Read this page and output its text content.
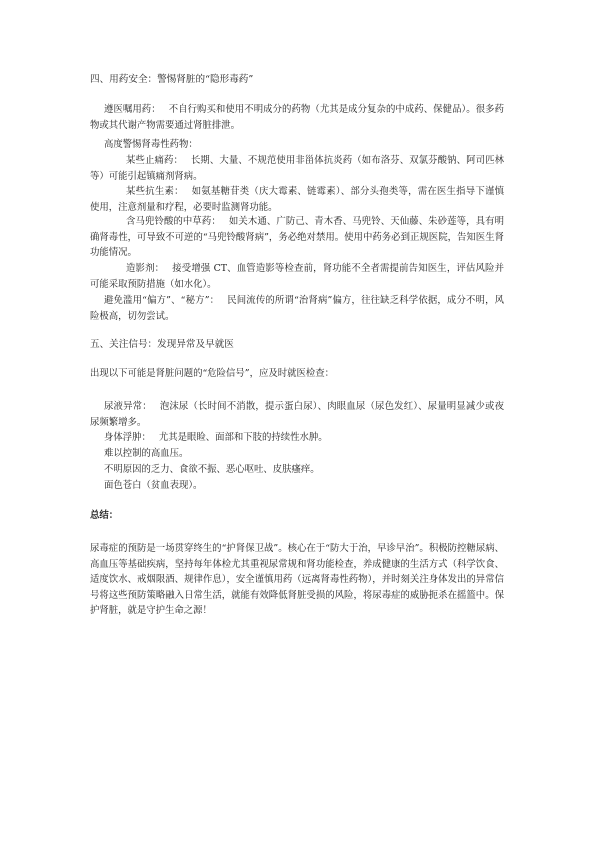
四、用药安全：警惕肾脏的“隐形毒药”

遵医嘱用药： 不自行购买和使用不明成分的药物（尤其是成分复杂的中成药、保健品）。很多药物或其代谢产物需要通过肾脏排泄。

高度警惕肾毒性药物：

某些止痛药： 长期、大量、不规范使用非甾体抗炎药（如布洛芬、双氯芬酸钠、阿司匹林等）可能引起镇痛剂肾病。

某些抗生素： 如氨基糖苷类（庆大霉素、链霉素）、部分头孢类等，需在医生指导下谨慎使用，注意剂量和疗程，必要时监测肾功能。

含马兜铃酸的中草药： 如关木通、广防己、青木香、马兜铃、天仙藤、朱砂莲等，具有明确肾毒性，可导致不可逆的“马兜铃酸肾病”，务必绝对禁用。使用中药务必到正规医院，告知医生肾功能情况。

造影剂： 接受增强 CT、血管造影等检查前，肾功能不全者需提前告知医生，评估风险并可能采取预防措施（如水化）。

避免滥用“偏方”、“秘方”： 民间流传的所谓“治肾病”偏方，往往缺乏科学依据，成分不明，风险极高，切勿尝试。

五、关注信号：发现异常及早就医

出现以下可能是肾脏问题的“危险信号”，应及时就医检查：

尿液异常： 泡沫尿（长时间不消散，提示蛋白尿）、肉眼血尿（尿色发红）、尿量明显减少或夜尿频繁增多。

身体浮肿： 尤其是眼睑、面部和下肢的持续性水肿。

难以控制的高血压。

不明原因的乏力、食欲不振、恶心呕吐、皮肤瘙痒。

面色苍白（贫血表现）。

总结：

尿毒症的预防是一场贯穿终生的“护肾保卫战”。核心在于“防大于治，早诊早治”。积极防控糖尿病、高血压等基础疾病，坚持每年体检尤其重视尿常规和肾功能检查，养成健康的生活方式（科学饮食、适度饮水、戒烟限酒、规律作息），安全谨慎用药（远离肾毒性药物），并时刻关注身体发出的异常信号将这些预防策略融入日常生活，就能有效降低肾脏受损的风险，将尿毒症的威胁扼杀在摇篮中。保护肾脏，就是守护生命之源！
